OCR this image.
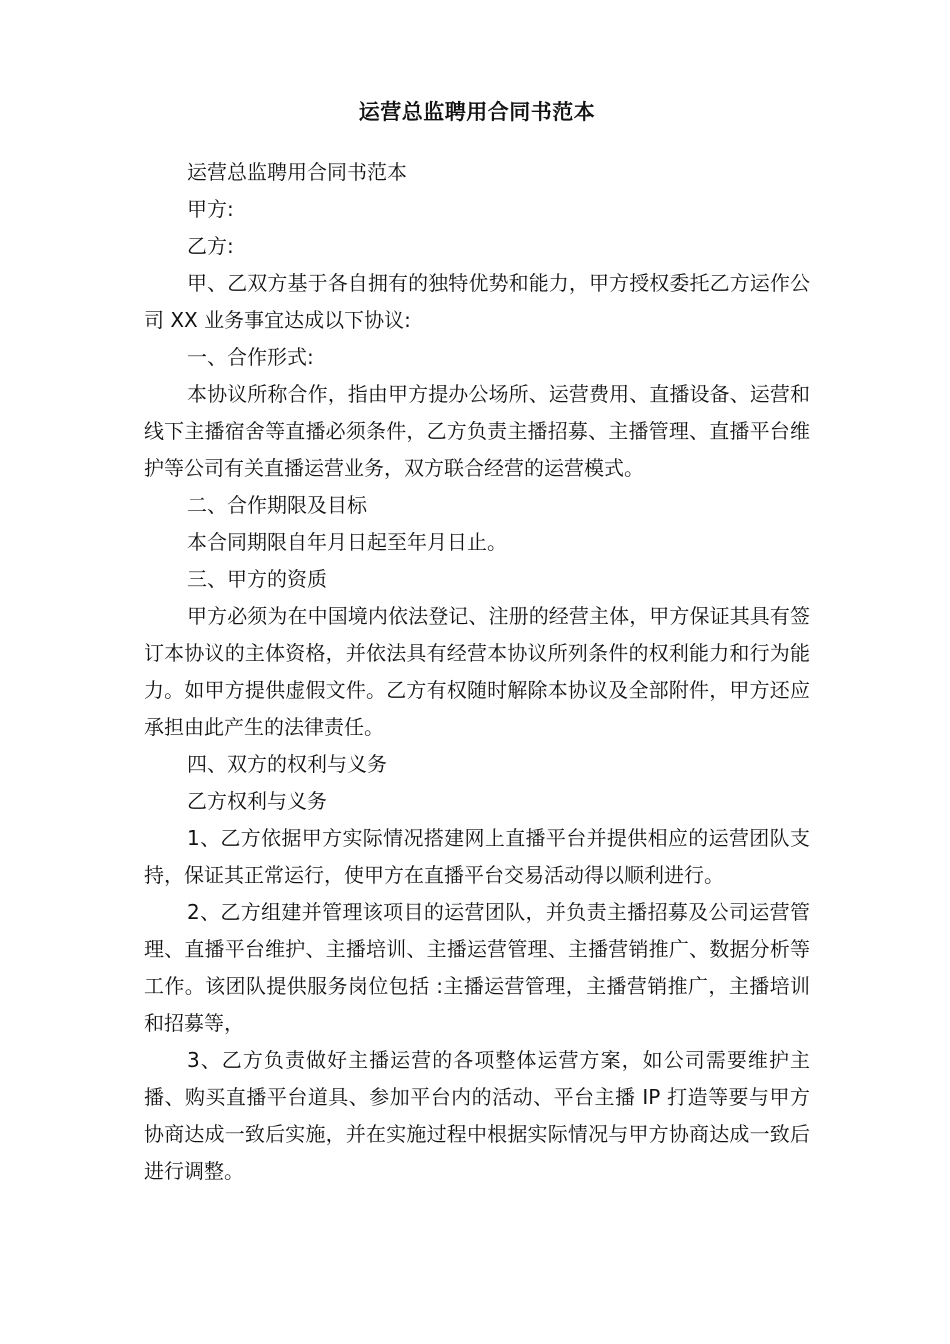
运营总监聘用合同书范本

运营总监聘用合同书范本

甲方:

乙方:

甲、乙双方基于各自拥有的独特优势和能力，甲方授权委托乙方运作公司 XX 业务事宜达成以下协议:

一、合作形式:

本协议所称合作，指由甲方提办公场所、运营费用、直播设备、运营和线下主播宿舍等直播必须条件，乙方负责主播招募、主播管理、直播平台维护等公司有关直播运营业务，双方联合经营的运营模式。

二、合作期限及目标

本合同期限自年月日起至年月日止。

三、甲方的资质

甲方必须为在中国境内依法登记、注册的经营主体，甲方保证其具有签订本协议的主体资格，并依法具有经营本协议所列条件的权利能力和行为能力。如甲方提供虚假文件。乙方有权随时解除本协议及全部附件，甲方还应承担由此产生的法律责任。

四、双方的权利与义务

乙方权利与义务

1、乙方依据甲方实际情况搭建网上直播平台并提供相应的运营团队支持，保证其正常运行，使甲方在直播平台交易活动得以顺利进行。

2、乙方组建并管理该项目的运营团队，并负责主播招募及公司运营管理、直播平台维护、主播培训、主播运营管理、主播营销推广、数据分析等工作。该团队提供服务岗位包括 :主播运营管理，主播营销推广，主播培训和招募等，

3、乙方负责做好主播运营的各项整体运营方案，如公司需要维护主播、购买直播平台道具、参加平台内的活动、平台主播 IP 打造等要与甲方协商达成一致后实施，并在实施过程中根据实际情况与甲方协商达成一致后进行调整。
